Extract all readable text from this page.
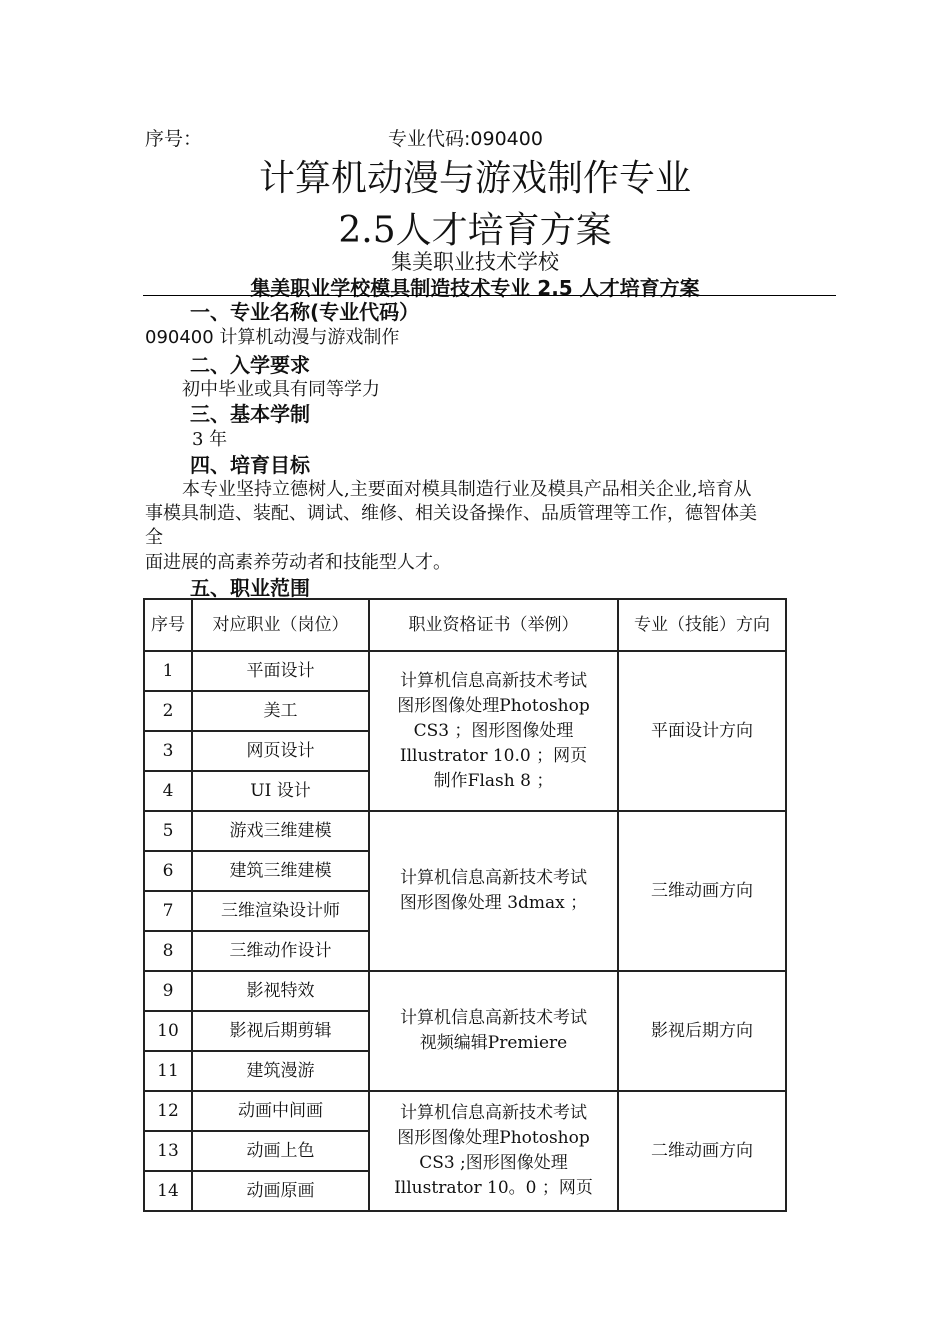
序号：	专业代码:090400
计算机动漫与游戏制作专业
2.5人才培育方案
集美职业技术学校
集美职业学校模具制造技术专业 2.5 人才培育方案
一、专业名称(专业代码）
090400 计算机动漫与游戏制作
二、入学要求
初中毕业或具有同等学力
三、基本学制
3 年
四、培育目标
本专业坚持立德树人,主要面对模具制造行业及模具产品相关企业,培育从
事模具制造、装配、调试、维修、相关设备操作、品质管理等工作，德智体美
全
面进展的高素养劳动者和技能型人才。
五、职业范围
序号	对应职业（岗位）	职业资格证书（举例）	专业（技能）方向
1	平面设计	计算机信息高新技术考试
图形图像处理Photoshop
CS3 ；图形图像处理
Illustrator 10.0 ；网页
制作Flash 8 ；	平面设计方向
2	美工		
3	网页设计		
4	UI 设计		
5	游戏三维建模	计算机信息高新技术考试
图形图像处理 3dmax ；	三维动画方向
6	建筑三维建模		
7	三维渲染设计师		
8	三维动作设计		
9	影视特效	计算机信息高新技术考试
视频编辑Premiere	影视后期方向
10	影视后期剪辑		
11	建筑漫游		
12	动画中间画	计算机信息高新技术考试
图形图像处理Photoshop
CS3 ;图形图像处理
Illustrator 10。0 ；网页	二维动画方向
13	动画上色		
14	动画原画		
